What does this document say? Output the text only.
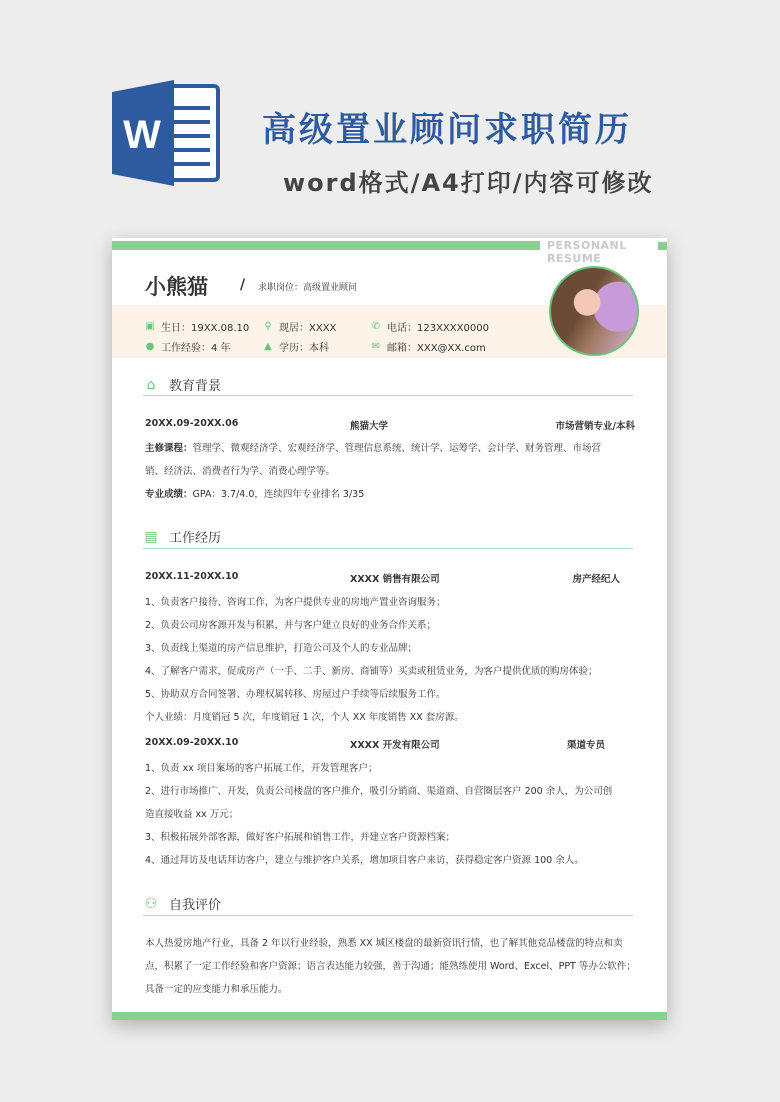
W	高级置业顾问求职简历
word格式/A4打印/内容可修改
PERSONANL RESUME
小熊猫 / 求职岗位：高级置业顾问
▣ 生日：19XX.08.10 ⚲ 现居：XXXX	✆ 电话：123XXXX0000
● 工作经验：4 年	▲ 学历：本科	✉ 邮箱：XXX@XX.com
⌂ 教育背景
20XX.09-20XX.06	熊猫大学	市场营销专业/本科
主修课程：管理学、微观经济学、宏观经济学、管理信息系统、统计学、运筹学、会计学、财务管理、市场营
销、经济法、消费者行为学、消费心理学等。
专业成绩：GPA：3.7/4.0，连续四年专业排名 3/35
▤ 工作经历
20XX.11-20XX.10	XXXX 销售有限公司	房产经纪人
1、负责客户接待、咨询工作，为客户提供专业的房地产置业咨询服务；
2、负责公司房客源开发与积累，并与客户建立良好的业务合作关系；
3、负责线上渠道的房产信息维护，打造公司及个人的专业品牌；
4、了解客户需求，促成房产（一手、二手、新房、商铺等）买卖或租赁业务，为客户提供优质的购房体验；
5、协助双方合同签署、办理权属转移、房屋过户手续等后续服务工作。
个人业绩：月度销冠 5 次，年度销冠 1 次，个人 XX 年度销售 XX 套房源。
20XX.09-20XX.10	XXXX 开发有限公司	渠道专员
1、负责 xx 项目案场的客户拓展工作，开发管理客户；
2、进行市场推广、开发，负责公司楼盘的客户推介，吸引分销商、渠道商、自营圈层客户 200 余人，为公司创
造直接收益 xx 万元；
3、积极拓展外部客源，做好客户拓展和销售工作，并建立客户资源档案；
4、通过拜访及电话拜访客户，建立与维护客户关系，增加项目客户来访，获得稳定客户资源 100 余人。
⚇ 自我评价
本人热爱房地产行业，具备 2 年以行业经验，熟悉 XX 城区楼盘的最新资讯行情，也了解其他竞品楼盘的特点和卖
点，积累了一定工作经验和客户资源；语言表达能力较强，善于沟通；能熟练使用 Word、Excel、PPT 等办公软件；
具备一定的应变能力和承压能力。
